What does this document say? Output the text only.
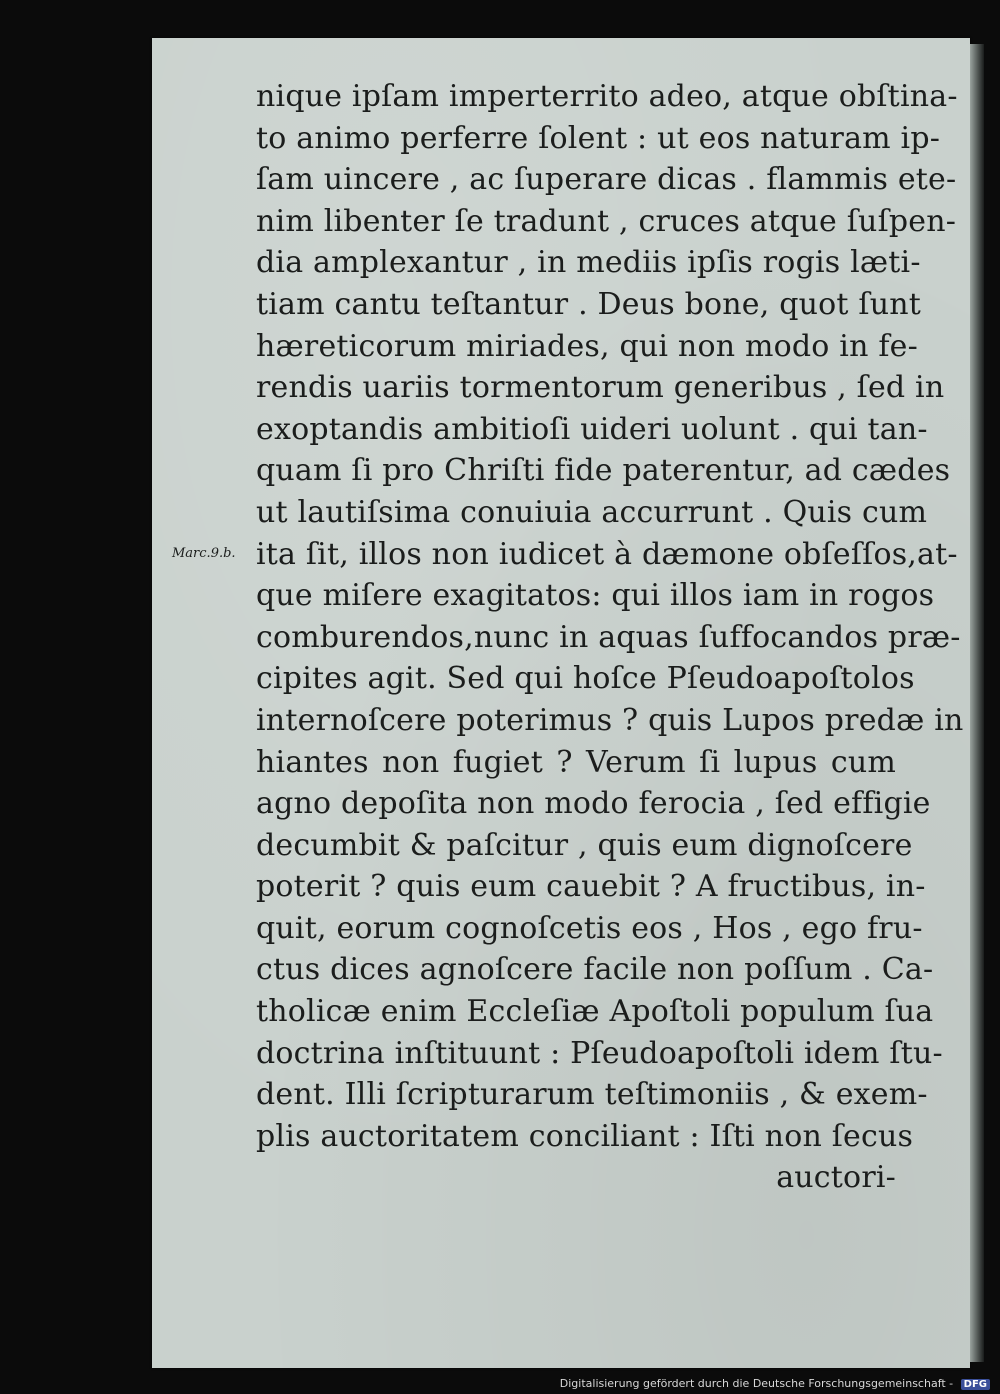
Marc.9.b.
nique ipſam imperterrito adeo, atque obſtina-
to animo perferre ſolent : ut eos naturam ip-
ſam uincere , ac ſuperare dicas . flammis ete-
nim libenter ſe tradunt , cruces atque ſuſpen-
dia amplexantur , in mediis ipſis rogis læti-
tiam cantu teſtantur . Deus bone, quot ſunt
hæreticorum miriades, qui non modo in fe-
rendis uariis tormentorum generibus , ſed in
exoptandis ambitioſi uideri uolunt . qui tan-
quam ſi pro Chriſti fide paterentur, ad cædes
ut lautiſsima conuiuia accurrunt . Quis cum
ita ſit, illos non iudicet à dæmone obſeſſos,at-
que miſere exagitatos: qui illos iam in rogos
comburendos,nunc in aquas ſuffocandos præ-
cipites agit. Sed qui hoſce Pſeudoapoſtolos
internoſcere poterimus ? quis Lupos predæ in
hiantes non fugiet ? Verum ſi lupus cum
agno depoſita non modo ferocia , ſed effigie
decumbit & paſcitur , quis eum dignoſcere
poterit ? quis eum cauebit ? A fructibus, in-
quit, eorum cognoſcetis eos , Hos , ego fru-
ctus dices agnoſcere facile non poſſum . Ca-
tholicæ enim Eccleſiæ Apoſtoli populum ſua
doctrina inſtituunt : Pſeudoapoſtoli idem ſtu-
dent. Illi ſcripturarum teſtimoniis , & exem-
plis auctoritatem conciliant : Iſti non ſecus
auctori-
Digitalisierung gefördert durch die Deutsche Forschungsgemeinschaft - DFG
